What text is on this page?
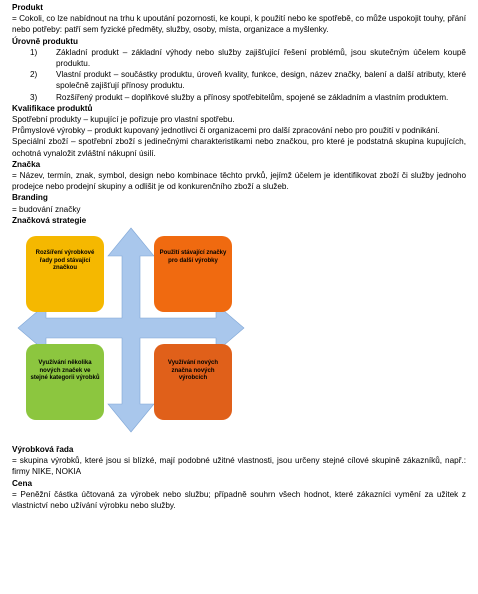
Produkt

= Cokoli, co lze nabídnout na trhu k upoutání pozornosti, ke koupi, k použití nebo ke spotřebě, co může uspokojit touhy, přání nebo potřeby: patří sem fyzické předměty, služby, osoby, místa, organizace a myšlenky.

Úrovně produktu
1) Základní produkt – základní výhody nebo služby zajišťující řešení problémů, jsou skutečným účelem koupě produktu.
2) Vlastní produkt – součástky produktu, úroveň kvality, funkce, design, název značky, balení a další atributy, které společně zajišťují přínosy produktu.
3) Rozšířený produkt – doplňkové služby a přínosy spotřebitelům, spojené se základním a vlastním produktem.
Kvalifikace produktů

Spotřební produkty – kupující je pořizuje pro vlastní spotřebu.

Průmyslové výrobky – produkt kupovaný jednotlivci či organizacemi pro další zpracování nebo pro použití v podnikání.

Speciální zboží – spotřební zboží s jedinečnými charakteristikami nebo značkou, pro které je podstatná skupina kupujících, ochotná vynaložit zvláštní nákupní úsilí.

Značka

= Název, termín, znak, symbol, design nebo kombinace těchto prvků, jejímž účelem je identifikovat zboží či služby jednoho prodejce nebo prodejní skupiny a odlišit je od konkurenčního zboží a služeb.

Branding

= budování značky

Značková strategie
Rozšíření výrobkové řady pod stávající značkou
Použití stávající značky pro další výrobky
Využívání několika nových značek ve stejné kategorii výrobků
Využívání nových značna nových výrobcích
Výrobková řada

= skupina výrobků, které jsou si blízké, mají podobné užitné vlastnosti, jsou určeny stejné cílové skupině zákazníků, např.: firmy NIKE, NOKIA

Cena

= Peněžní částka účtovaná za výrobek nebo službu; případně souhrn všech hodnot, které zákazníci vymění za užitek z vlastnictví nebo užívání výrobku nebo služby.
